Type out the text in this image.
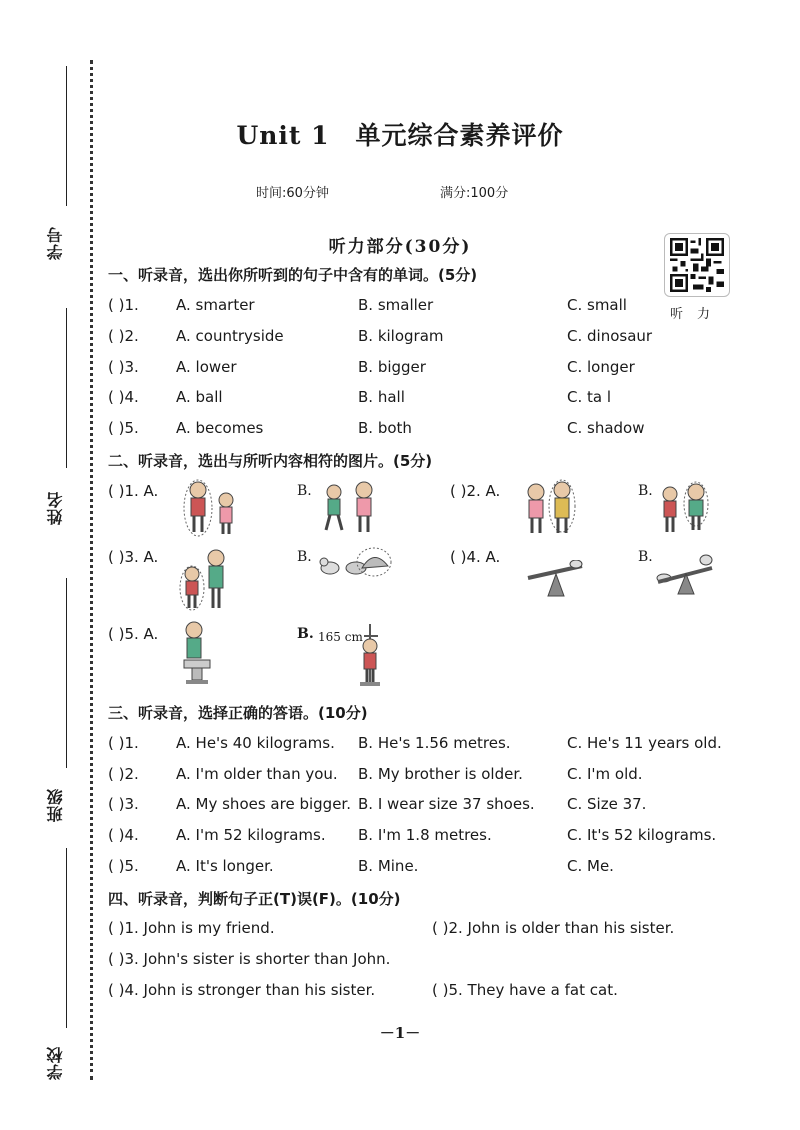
学号
姓名
班级
学校
Unit 1　单元综合素养评价
时间:60分钟	满分:100分
听力部分(30分)
听力
一、听录音，选出你所听到的句子中含有的单词。(5分)
( )1. A. smarter	B. smaller	C. small
( )2. A. countryside	B. kilogram	C. dinosaur
( )3. A. lower	B. bigger	C. longer
( )4. A. ball	B. hall	C. ta l
( )5. A. becomes	B. both	C. shadow
二、听录音，选出与所听内容相符的图片。(5分)
( )1. A.	B.	( )2. A.	B.
( )3. A.	B.	( )4. A.	B.
( )5. A.	B. 165 cm
三、听录音，选择正确的答语。(10分)
( )1. A. He's 40 kilograms. B. He's 1.56 metres.	C. He's 11 years old.
( )2. A. I'm older than you. B. My brother is older.	C. I'm old.
( )3. A. My shoes are bigger. B. I wear size 37 shoes. C. Size 37.
( )4. A. I'm 52 kilograms. B. I'm 1.8 metres.	C. It's 52 kilograms.
( )5. A. It's longer.	B. Mine.	C. Me.
四、听录音，判断句子正(T)误(F)。(10分)
( )1. John is my friend.	( )2. John is older than his sister.
( )3. John's sister is shorter than John.
( )4. John is stronger than his sister.	( )5. They have a fat cat.
－1－
